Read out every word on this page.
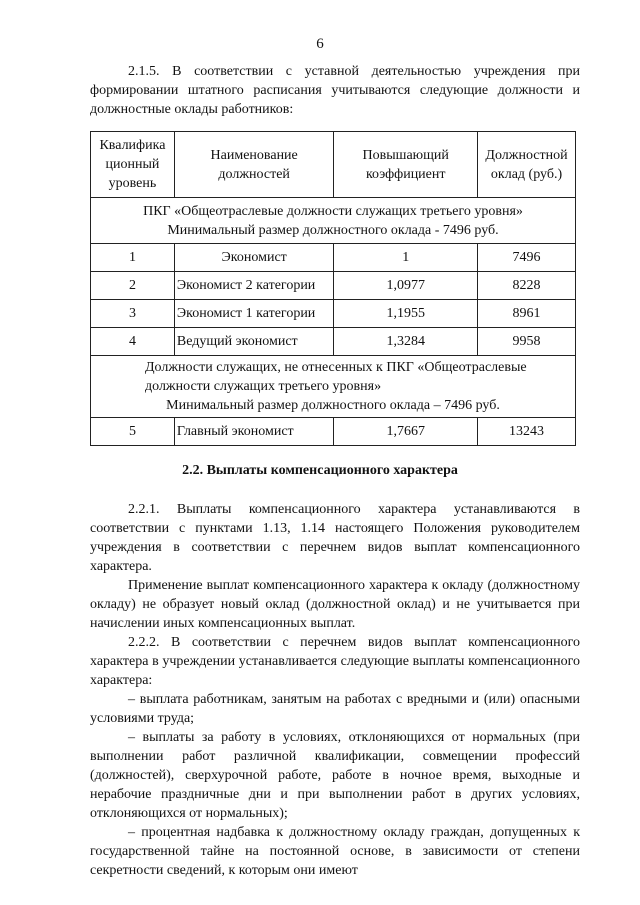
6

2.1.5. В соответствии с уставной деятельностью учреждения при формировании штатного расписания учитываются следующие должности и должностные оклады работников:

Квалифика ционный уровень	Наименование должностей	Повышающий коэффициент	Должностной оклад (руб.)

ПКГ «Общеотраслевые должности служащих третьего уровня»
Минимальный размер должностного оклада - 7496 руб.			

1	Экономист	1	7496
2	Экономист 2 категории	1,0977	8228
3	Экономист 1 категории	1,1955	8961
4	Ведущий экономист	1,3284	9958

Должности служащих, не отнесенных к ПКГ «Общеотраслевые
должности служащих третьего уровня»
Минимальный размер должностного оклада – 7496 руб.			

5	Главный экономист	1,7667	13243
2.2. Выплаты компенсационного характера

2.2.1. Выплаты компенсационного характера устанавливаются в соответствии с пунктами 1.13, 1.14 настоящего Положения руководителем учреждения в соответствии с перечнем видов выплат компенсационного характера.

Применение выплат компенсационного характера к окладу (должностному окладу) не образует новый оклад (должностной оклад) и не учитывается при начислении иных компенсационных выплат.

2.2.2. В соответствии с перечнем видов выплат компенсационного характера в учреждении устанавливается следующие выплаты компенсационного характера:

– выплата работникам, занятым на работах с вредными и (или) опасными условиями труда;

– выплаты за работу в условиях, отклоняющихся от нормальных (при выполнении работ различной квалификации, совмещении профессий (должностей), сверхурочной работе, работе в ночное время, выходные и нерабочие праздничные дни и при выполнении работ в других условиях, отклоняющихся от нормальных);

– процентная надбавка к должностному окладу граждан, допущенных к государственной тайне на постоянной основе, в зависимости от степени секретности сведений, к которым они имеют
